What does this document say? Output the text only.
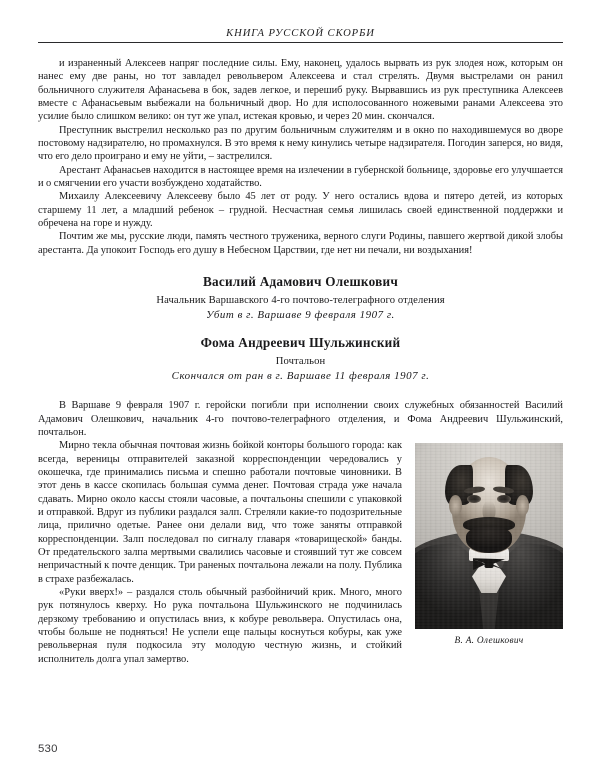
КНИГА РУССКОЙ СКОРБИ

и израненный Алексеев напряг последние силы. Ему, наконец, удалось вырвать из рук злодея нож, которым он нанес ему две раны, но тот завладел револьвером Алексеева и стал стрелять. Двумя выстрелами он ранил больничного служителя Афанасьева в бок, задев легкое, и перешиб руку. Вырвавшись из рук преступника Алексеев вместе с Афанасьевым выбежали на больничный двор. Но для исполосованного ножевыми ранами Алексеева это усилие было слишком велико: он тут же упал, истекая кровью, и через 20 мин. скончался.

Преступник выстрелил несколько раз по другим больничным служителям и в окно по находившемуся во дворе постовому надзирателю, но промахнулся. В это время к нему кинулись четыре надзирателя. Погодин заперся, но видя, что его дело проиграно и ему не уйти, – застрелился.

Арестант Афанасьев находится в настоящее время на излечении в губернской больнице, здоровье его улучшается и о смягчении его участи возбуждено ходатайство.

Михаилу Алексеевичу Алексееву было 45 лет от роду. У него остались вдова и пятеро детей, из которых старшему 11 лет, а младший ребенок – грудной. Несчастная семья лишилась своей единственной поддержки и обречена на горе и нужду.

Почтим же мы, русские люди, память честного труженика, верного слуги Родины, павшего жертвой дикой злобы арестанта. Да упокоит Господь его душу в Небесном Царствии, где нет ни печали, ни воздыхания!

Василий Адамович Олешкович

Начальник Варшавского 4-го почтово-телеграфного отделения

Убит в г. Варшаве 9 февраля 1907 г.

Фома Андреевич Шульжинский

Почтальон

Скончался от ран в г. Варшаве 11 февраля 1907 г.

В Варшаве 9 февраля 1907 г. геройски погибли при исполнении своих служебных обязанностей Василий Адамович Олешкович, начальник 4-го почтово-телеграфного отделения, и Фома Андреевич Шульжинский, почтальон.

В. А. Олешкович

Мирно текла обычная почтовая жизнь бойкой конторы большого города: как всегда, вереницы отправителей заказной корреспонденции чередовались у окошечка, где принимались письма и спешно работали почтовые чиновники. В этот день в кассе скопилась большая сумма денег. Почтовая страда уже начала сдавать. Мирно около кассы стояли часовые, а почтальоны спешили с упаковкой и отправкой. Вдруг из публики раздался залп. Стреляли какие-то подозрительные лица, прилично одетые. Ранее они делали вид, что тоже заняты отправкой корреспонденции. Залп последовал по сигналу главаря «товарищеской» банды. От предательского залпа мертвыми свалились часовые и стоявший тут же совсем непричастный к почте денщик. Три раненых почтальона лежали на полу. Публика в страхе разбежалась.

«Руки вверх!» – раздался столь обычный разбойничий крик. Много, много рук потянулось кверху. Но рука почтальона Шульжинского не подчинилась дерзкому требованию и опустилась вниз, к кобуре револьвера. Опустилась она, чтобы больше не подняться! Не успели еще пальцы коснуться кобуры, как уже револьверная пуля подкосила эту молодую честную жизнь, и стойкий исполнитель долга упал замертво.

530
